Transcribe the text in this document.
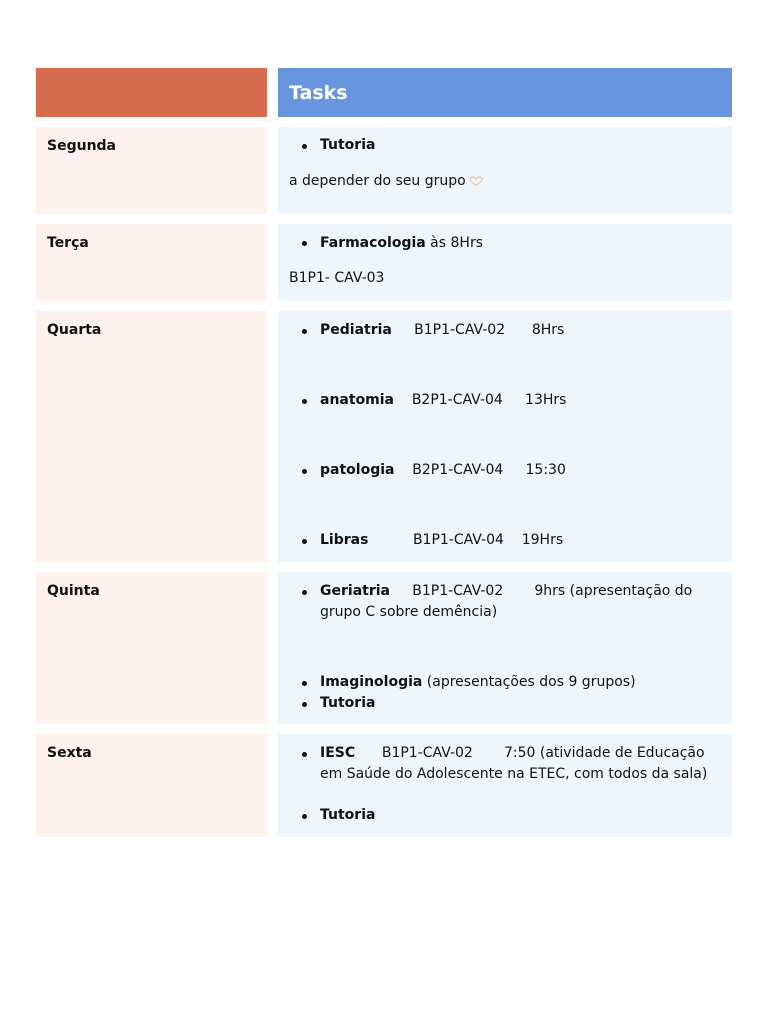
Tasks
Segunda	Tutoria
a depender do seu grupo
Terça	Farmacologia às 8Hrs
B1P1- CAV-03
Quarta	Pediatria     B1P1-CAV-02      8Hrs
anatomia    B2P1-CAV-04     13Hrs
patologia    B2P1-CAV-04     15:30
Libras          B1P1-CAV-04    19Hrs
Quinta	Geriatria     B1P1-CAV-02       9hrs (apresentação do grupo C sobre demência)
Imaginologia (apresentações dos 9 grupos)
Tutoria
Sexta	IESC      B1P1-CAV-02       7:50 (atividade de Educação em Saúde do Adolescente na ETEC, com todos da sala)
Tutoria
